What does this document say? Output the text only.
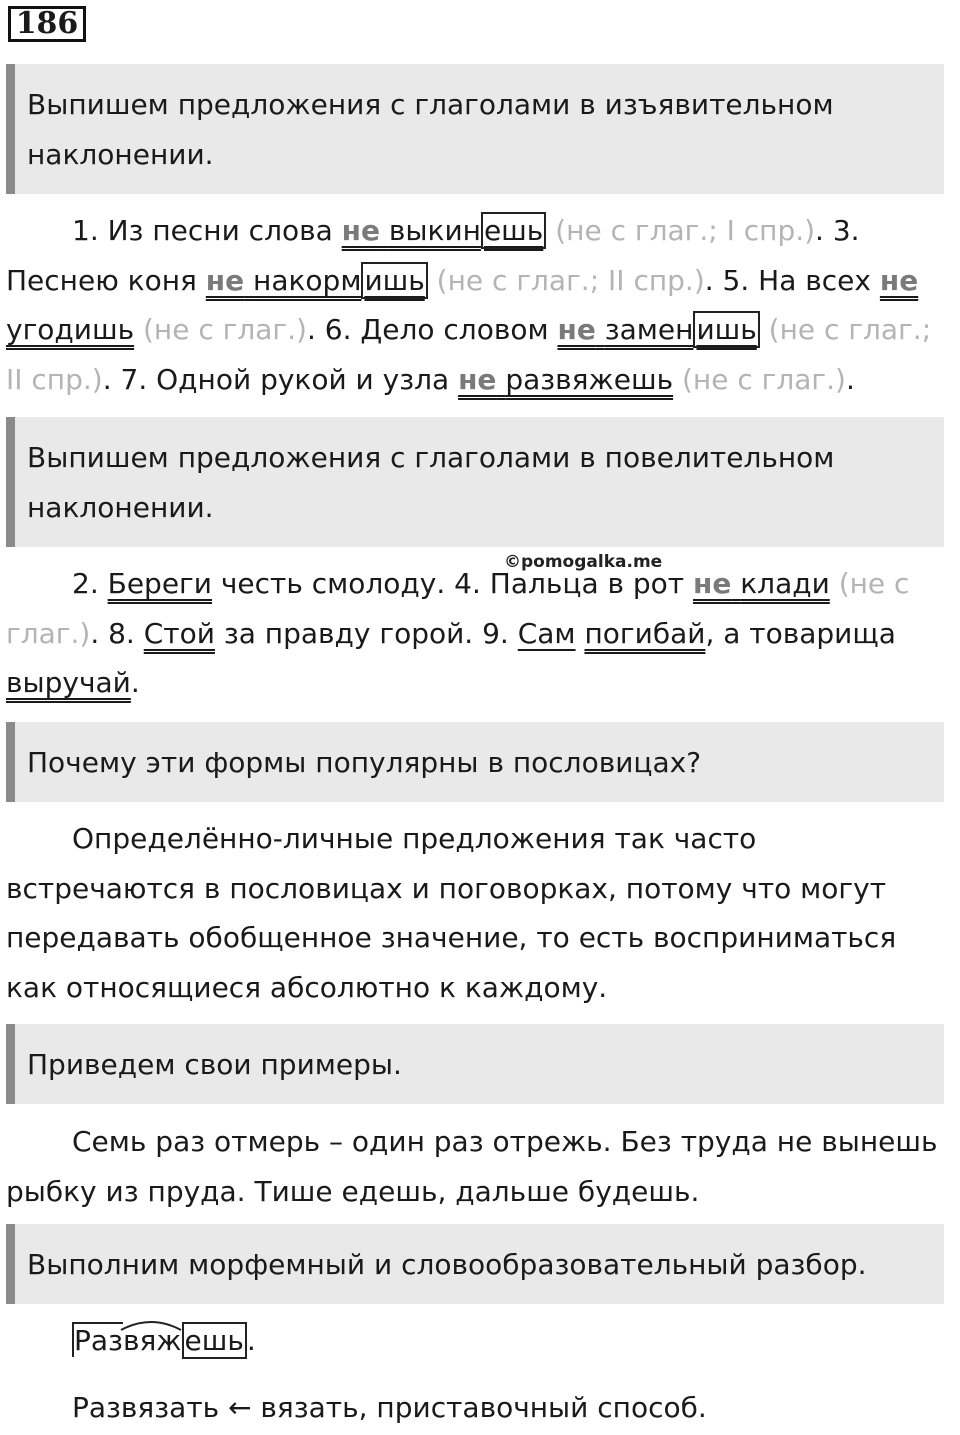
186
Выпишем предложения с глаголами в изъявительном наклонении.
1. Из песни слова не выкин ешь (не с глаг.; I спр.). 3. Песнею коня не накорм ишь (не с глаг.; II спр.). 5. На всех не угодишь (не с глаг.). 6. Дело словом не замен ишь (не с глаг.; II спр.). 7. Одной рукой и узла не развяжешь (не с глаг.).
Выпишем предложения с глаголами в повелительном наклонении.
©pomogalka.me
2. Береги честь смолоду. 4. Пальца в рот не клади (не с глаг.). 8. Стой за правду горой. 9. Сам погибай, а товарища выручай.
Почему эти формы популярны в пословицах?
Определённо-личные предложения так часто встречаются в пословицах и поговорках, потому что могут передавать обобщенное значение, то есть восприниматься как относящиеся абсолютно к каждому.
Приведем свои примеры.
Семь раз отмерь – один раз отрежь. Без труда не вынешь рыбку из пруда. Тише едешь, дальше будешь.
Выполним морфемный и словообразовательный разбор.
Развяж ешь .
Развязать ← вязать, приставочный способ.
